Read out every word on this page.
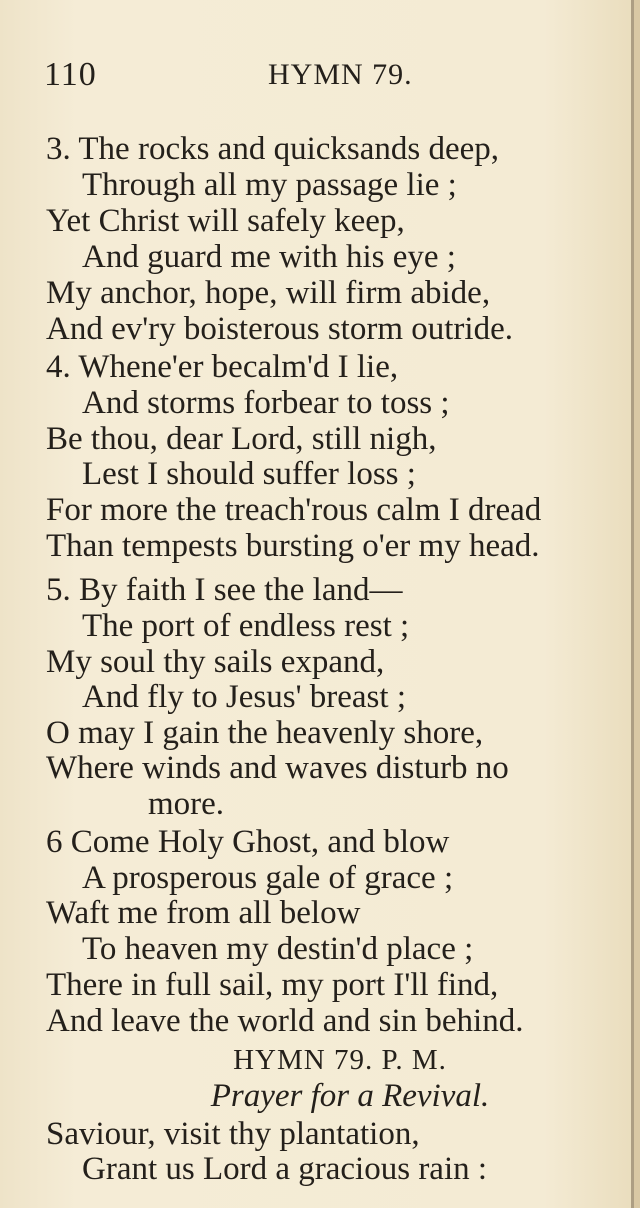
110	HYMN 79.
3. The rocks and quicksands deep,
Through all my passage lie ;
Yet Christ will safely keep,
And guard me with his eye ;
My anchor, hope, will firm abide,
And ev'ry boisterous storm outride.
4. Whene'er becalm'd I lie,
And storms forbear to toss ;
Be thou, dear Lord, still nigh,
Lest I should suffer loss ;
For more the treach'rous calm I dread
Than tempests bursting o'er my head.
5. By faith I see the land—
The port of endless rest ;
My soul thy sails expand,
And fly to Jesus' breast ;
O may I gain the heavenly shore,
Where winds and waves disturb no
more.
6 Come Holy Ghost, and blow
A prosperous gale of grace ;
Waft me from all below
To heaven my destin'd place ;
There in full sail, my port I'll find,
And leave the world and sin behind.
HYMN 79. P. M.
Prayer for a Revival.
Saviour, visit thy plantation,
Grant us Lord a gracious rain :
